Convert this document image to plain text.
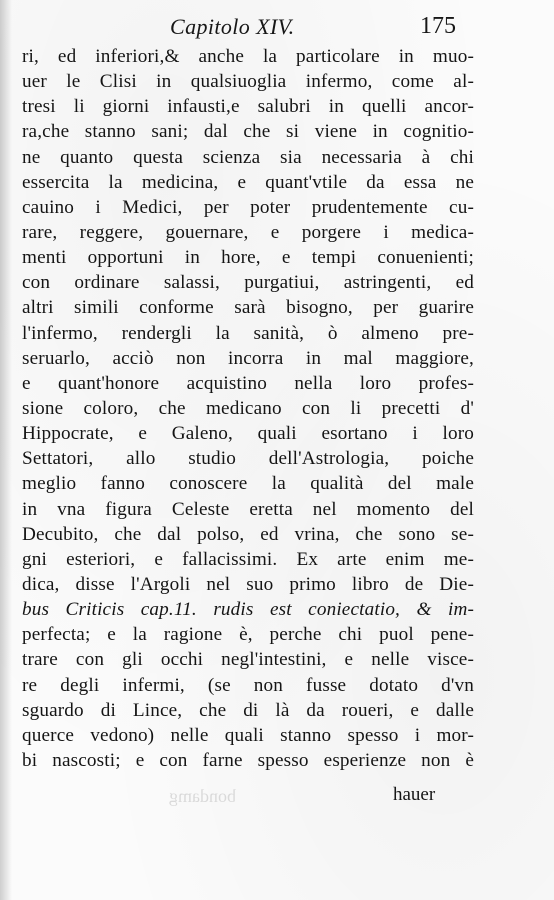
Capitolo XIV.	175
ri, ed inferiori,& anche la particolare in muo-
uer le Clisi in qualsiuoglia infermo, come al-
tresi li giorni infausti,e salubri in quelli ancor-
ra,che stanno sani; dal che si viene in cognitio-
ne quanto questa scienza sia necessaria à chi
essercita la medicina, e quant'vtile da essa ne
cauino i Medici, per poter prudentemente cu-
rare, reggere, gouernare, e porgere i medica-
menti opportuni in hore, e tempi conuenienti;
con ordinare salassi, purgatiui, astringenti, ed
altri simili conforme sarà bisogno, per guarire
l'infermo, rendergli la sanità, ò almeno pre-
seruarlo, acciò non incorra in mal maggiore,
e quant'honore acquistino nella loro profes-
sione coloro, che medicano con li precetti d'
Hippocrate, e Galeno, quali esortano i loro
Settatori, allo studio dell'Astrologia, poiche
meglio fanno conoscere la qualità del male
in vna figura Celeste eretta nel momento del
Decubito, che dal polso, ed vrina, che sono se-
gni esteriori, e fallacissimi. Ex arte enim me-
dica, disse l'Argoli nel suo primo libro de Die-
bus Criticis cap.11. rudis est coniectatio, & im-
perfecta; e la ragione è, perche chi puol pene-
trare con gli occhi negl'intestini, e nelle visce-
re degli infermi, (se non fusse dotato d'vn
sguardo di Lince, che di là da roueri, e dalle
querce vedono) nelle quali stanno spesso i mor-
bi nascosti; e con farne spesso esperienze non è
bondamg	hauer
